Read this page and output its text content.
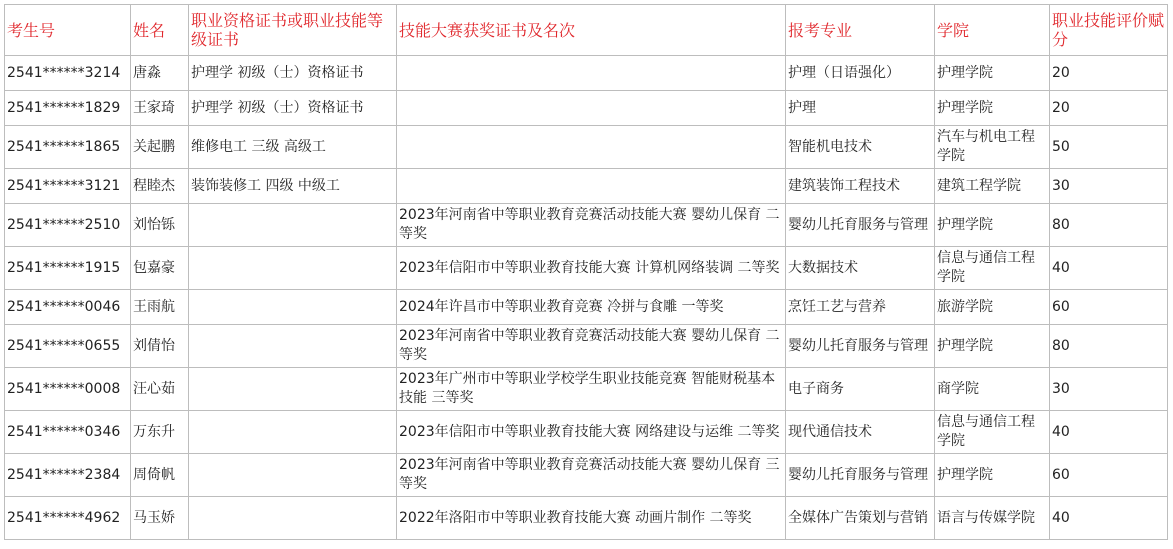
考生号	姓名	职业资格证书或职业技能等级证书	技能大赛获奖证书及名次	报考专业	学院	职业技能评价赋分
2541******3214	唐淼	护理学 初级（士）资格证书		护理（日语强化）	护理学院	20
2541******1829	王家琦	护理学 初级（士）资格证书		护理	护理学院	20
2541******1865	关起鹏	维修电工 三级 高级工		智能机电技术	汽车与机电工程学院	50
2541******3121	程睦杰	装饰装修工 四级 中级工		建筑装饰工程技术	建筑工程学院	30
2541******2510	刘怡铄		2023年河南省中等职业教育竞赛活动技能大赛 婴幼儿保育 二等奖	婴幼儿托育服务与管理	护理学院	80
2541******1915	包嘉豪		2023年信阳市中等职业教育技能大赛 计算机网络装调 二等奖	大数据技术	信息与通信工程学院	40
2541******0046	王雨航		2024年许昌市中等职业教育竞赛 冷拼与食雕 一等奖	烹饪工艺与营养	旅游学院	60
2541******0655	刘倩怡		2023年河南省中等职业教育竞赛活动技能大赛 婴幼儿保育 二等奖	婴幼儿托育服务与管理	护理学院	80
2541******0008	汪心茹		2023年广州市中等职业学校学生职业技能竞赛 智能财税基本技能 三等奖	电子商务	商学院	30
2541******0346	万东升		2023年信阳市中等职业教育技能大赛 网络建设与运维 二等奖	现代通信技术	信息与通信工程学院	40
2541******2384	周倚帆		2023年河南省中等职业教育竞赛活动技能大赛 婴幼儿保育 三等奖	婴幼儿托育服务与管理	护理学院	60
2541******4962	马玉娇		2022年洛阳市中等职业教育技能大赛 动画片制作 二等奖	全媒体广告策划与营销	语言与传媒学院	40
